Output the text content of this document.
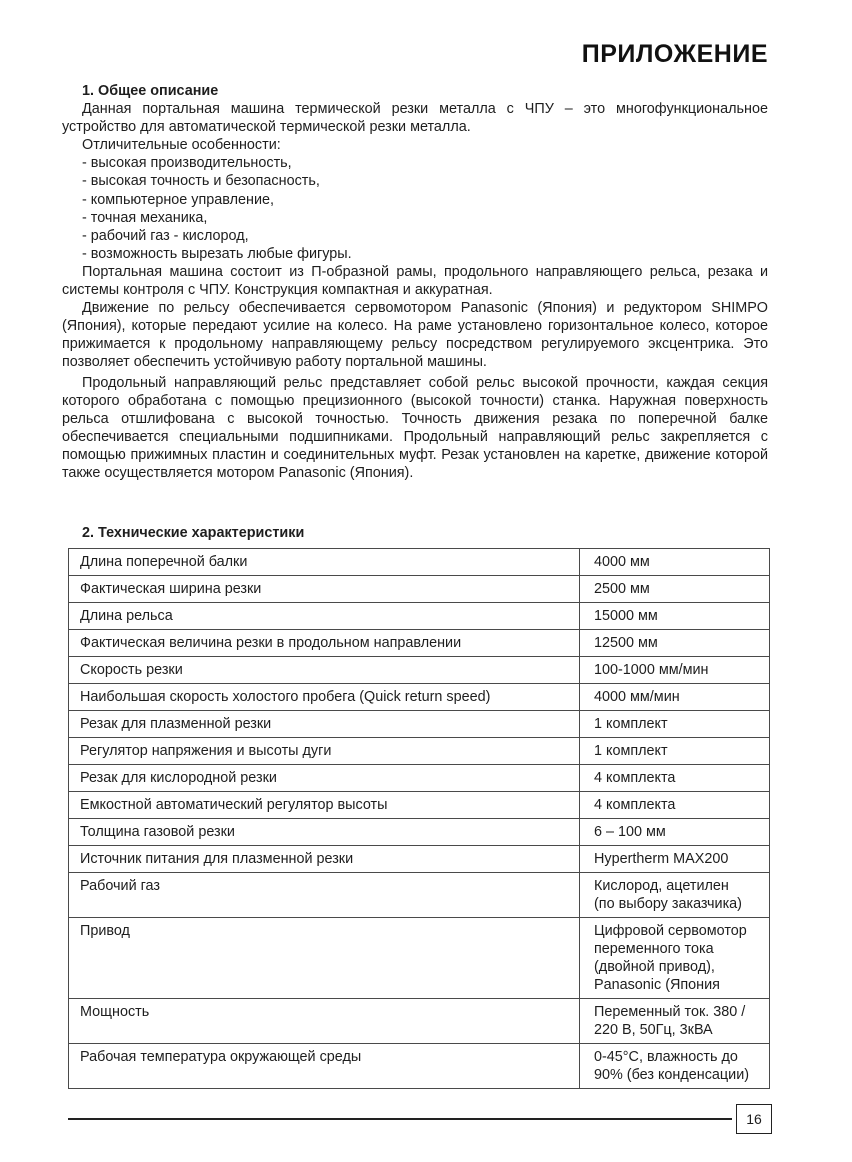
ПРИЛОЖЕНИЕ
1. Общее описание

Данная портальная машина термической резки металла с ЧПУ – это многофункциональное устройство для автоматической термической резки металла.

Отличительные особенности:

- высокая производительность,

- высокая точность и безопасность,

- компьютерное управление,

- точная механика,

- рабочий газ - кислород,

- возможность вырезать любые фигуры.

Портальная машина состоит из П-образной рамы, продольного направляющего рельса, резака и системы контроля с ЧПУ. Конструкция компактная и аккуратная.

Движение по рельсу обеспечивается сервомотором Panasonic (Япония) и редуктором SHIMPO (Япония), которые передают усилие на колесо. На раме установлено горизонтальное колесо, которое прижимается к продольному направляющему рельсу посредством регулируемого эксцентрика. Это позволяет обеспечить устойчивую работу портальной машины.

Продольный направляющий рельс представляет собой рельс высокой прочности, каждая секция которого обработана с помощью прецизионного (высокой точности) станка. Наружная поверхность рельса отшлифована с высокой точностью. Точность движения резака по поперечной балке обеспечивается специальными подшипниками. Продольный направляющий рельс закрепляется с помощью прижимных пластин и соединительных муфт. Резак установлен на каретке, движение которой также осуществляется мотором Panasonic (Япония).

2. Технические характеристики
Длина поперечной балки	4000 мм
Фактическая ширина резки	2500 мм
Длина рельса	15000 мм
Фактическая величина резки в продольном направлении	12500 мм
Скорость резки	100-1000 мм/мин
Наибольшая скорость холостого пробега (Quick return speed)	4000 мм/мин
Резак для плазменной резки	1 комплект
Регулятор напряжения и высоты дуги	1 комплект
Резак для кислородной резки	4 комплекта
Емкостной автоматический регулятор высоты	4 комплекта
Толщина газовой резки	6 – 100 мм
Источник питания для плазменной резки	Hypertherm MAX200
Рабочий газ	Кислород, ацетилен
(по выбору заказчика)
Привод	Цифровой сервомотор
переменного тока
(двойной привод),
Panasonic (Япония
Мощность	Переменный ток. 380 /
220 В, 50Гц, 3кВА
Рабочая температура окружающей среды	0-45°С, влажность до
90% (без конденсации)
16
